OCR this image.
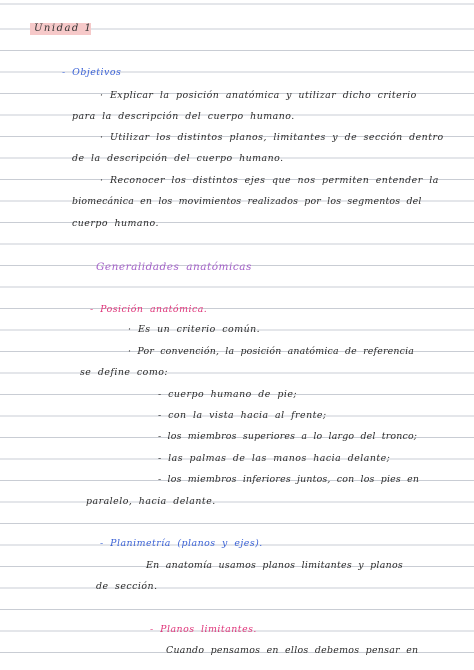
Unidad 1
- Objetivos
· Explicar la posición anatómica y utilizar dicho criterio
para la descripción del cuerpo humano.
· Utilizar los distintos planos, limitantes y de sección dentro
de la descripción del cuerpo humano.
· Reconocer los distintos ejes que nos permiten entender la
biomecánica en los movimientos realizados por los segmentos del
cuerpo humano.
Generalidades anatómicas
- Posición anatómica.
· Es un criterio común.
· Por convención, la posición anatómica de referencia
se define como:
- cuerpo humano de pie;
- con la vista hacia al frente;
- los miembros superiores a lo largo del tronco;
- las palmas de las manos hacia delante;
- los miembros inferiores juntos, con los pies en
paralelo, hacia delante.
- Planimetría (planos y ejes).
En anatomía usamos planos limitantes y planos
de sección.
- Planos limitantes.
Cuando pensamos en ellos debemos pensar en
